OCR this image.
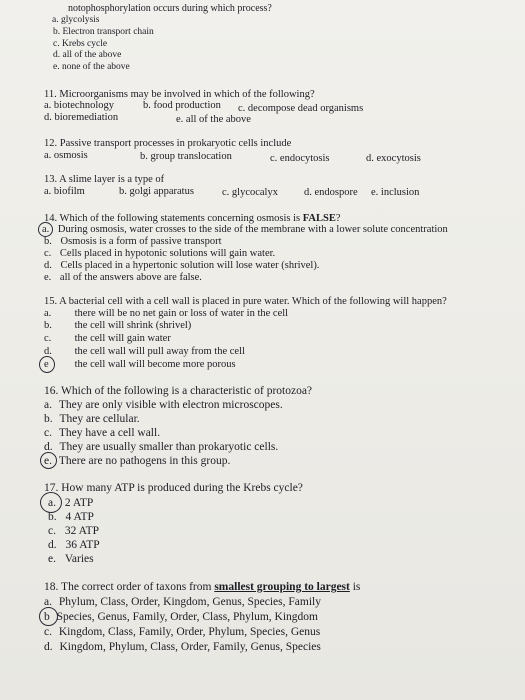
notophosphorylation occurs during which process?
a. glycolysis
b. Electron transport chain
c. Krebs cycle
d. all of the above
e. none of the above
11. Microorganisms may be involved in which of the following?
a. biotechnology	b. food production c. decompose dead organisms
d. bioremediation	e. all of the above
12. Passive transport processes in prokaryotic cells include
a. osmosis	b. group translocation	c. endocytosis	d. exocytosis
13. A slime layer is a type of
a. biofilm	b. golgi apparatus	c. glycocalyx d. endospore e. inclusion
14. Which of the following statements concerning osmosis is FALSE?
a. During osmosis, water crosses to the side of the membrane with a lower solute concentration
b. Osmosis is a form of passive transport
c. Cells placed in hypotonic solutions will gain water.
d. Cells placed in a hypertonic solution will lose water (shrivel).
e. all of the answers above are false.
15. A bacterial cell with a cell wall is placed in pure water. Which of the following will happen?
a. there will be no net gain or loss of water in the cell
b. the cell will shrink (shrivel)
c. the cell will gain water
d. the cell wall will pull away from the cell
e the cell wall will become more porous
16. Which of the following is a characteristic of protozoa?
a. They are only visible with electron microscopes.
b. They are cellular.
c. They have a cell wall.
d. They are usually smaller than prokaryotic cells.
e. There are no pathogens in this group.
17. How many ATP is produced during the Krebs cycle?
a. 2 ATP
b. 4 ATP
c. 32 ATP
d. 36 ATP
e. Varies
18. The correct order of taxons from smallest grouping to largest is
a. Phylum, Class, Order, Kingdom, Genus, Species, Family
b Species, Genus, Family, Order, Class, Phylum, Kingdom
c. Kingdom, Class, Family, Order, Phylum, Species, Genus
d. Kingdom, Phylum, Class, Order, Family, Genus, Species
